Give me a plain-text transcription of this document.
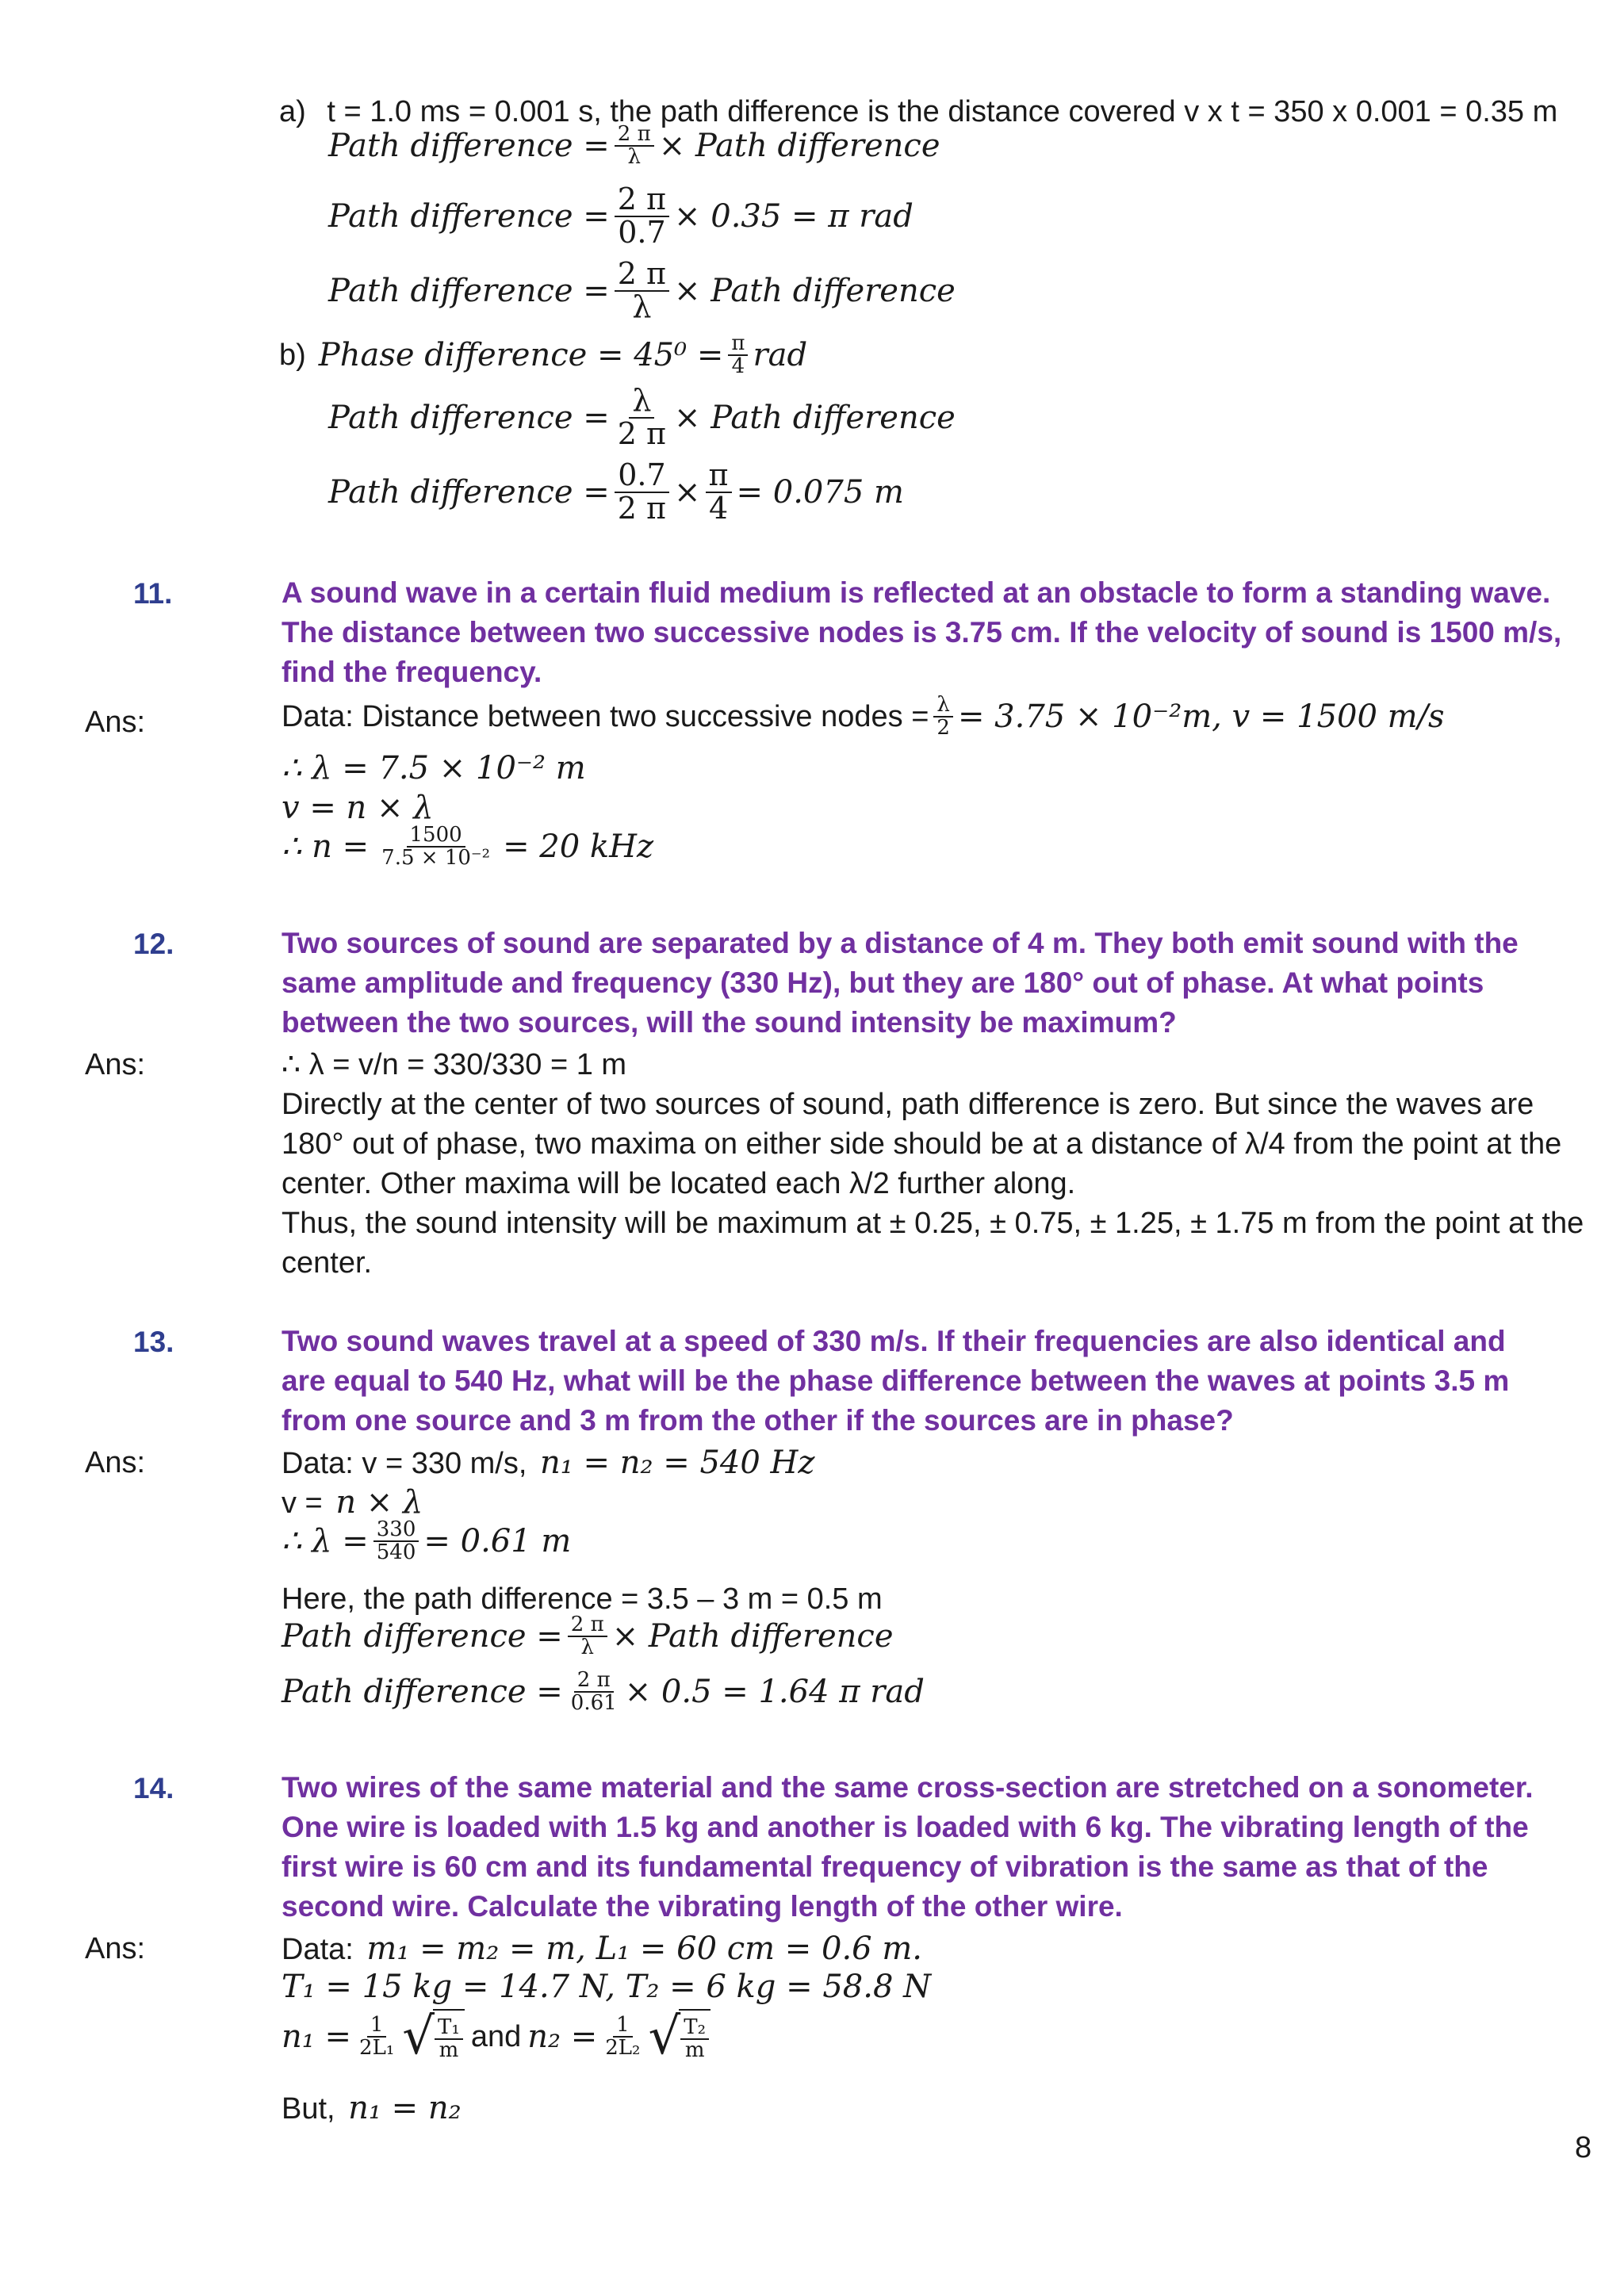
a) t = 1.0 ms = 0.001 s, the path difference is the distance covered v x t = 350 x 0.001 = 0.35 m
Path difference = $\frac{2 \pi}{\lambda}$ × Path difference
Path difference = $\frac{2 \pi}{0.7} \times 0.35 = \pi$ rad
Path difference = $\frac{2 \pi}{\lambda}$ × Path difference
b) Phase difference = $45^0 = \frac{\pi}{4}$ rad
Path difference = $\frac{\lambda}{2 \pi}$ × Path difference
Path difference = $\frac{0.7}{2 \pi} \times \frac{\pi}{4} = 0.075$ m
11.	A sound wave in a certain fluid medium is reflected at an obstacle to form a standing wave.
The distance between two successive nodes is 3.75 cm. If the velocity of sound is 1500 m/s,
find the frequency.
Ans:	Data: Distance between two successive nodes = $\frac{\lambda}{2} = 3.75 \times 10^{-2}m$, v = 1500 m/s
∴ λ = 7.5 × 10⁻² m
v = n × λ
∴ $n = \frac{1500}{\text{7.5 × 10⁻²}} = 20$ kHz
12.	Two sources of sound are separated by a distance of 4 m. They both emit sound with the
same amplitude and frequency (330 Hz), but they are 180° out of phase. At what points
between the two sources, will the sound intensity be maximum?
Ans:	∴ λ = v/n = 330/330 = 1 m
Directly at the center of two sources of sound, path difference is zero. But since the waves are
180° out of phase, two maxima on either side should be at a distance of λ/4 from the point at the
center. Other maxima will be located each λ/2 further along.
Thus, the sound intensity will be maximum at ± 0.25, ± 0.75, ± 1.25, ± 1.75 m from the point at the
center.
13.	Two sound waves travel at a speed of 330 m/s. If their frequencies are also identical and
are equal to 540 Hz, what will be the phase difference between the waves at points 3.5 m
from one source and 3 m from the other if the sources are in phase?
Ans:	Data: v = 330 m/s, n₁ = n₂ = 540 Hz
v = n × λ
∴ $\lambda = \frac{330}{540} = 0.61$ m
Here, the path difference = 3.5 – 3 m = 0.5 m
Path difference = $\frac{2 \pi}{\lambda}$ × Path difference
Path difference = $\frac{2 \pi}{0.61} \times 0.5 = 1.64$ π rad
14.	Two wires of the same material and the same cross-section are stretched on a sonometer.
One wire is loaded with 1.5 kg and another is loaded with 6 kg. The vibrating length of the
first wire is 60 cm and its fundamental frequency of vibration is the same as that of the
second wire. Calculate the vibrating length of the other wire.
Ans:	Data: m₁ = m₂ = m, L₁ = 60 cm = 0.6 m.
T₁ = 15 kg = 14.7 N, T₂ = 6 kg = 58.8 N
$n_1 = \frac{1}{\text{2L₁}}$ √ $\frac{\text{T₁}}{m}$ and $n_2 = \frac{1}{\text{2L₂}}$ √ $\frac{\text{T₂}}{m}$
But, n₁ = n₂
8
